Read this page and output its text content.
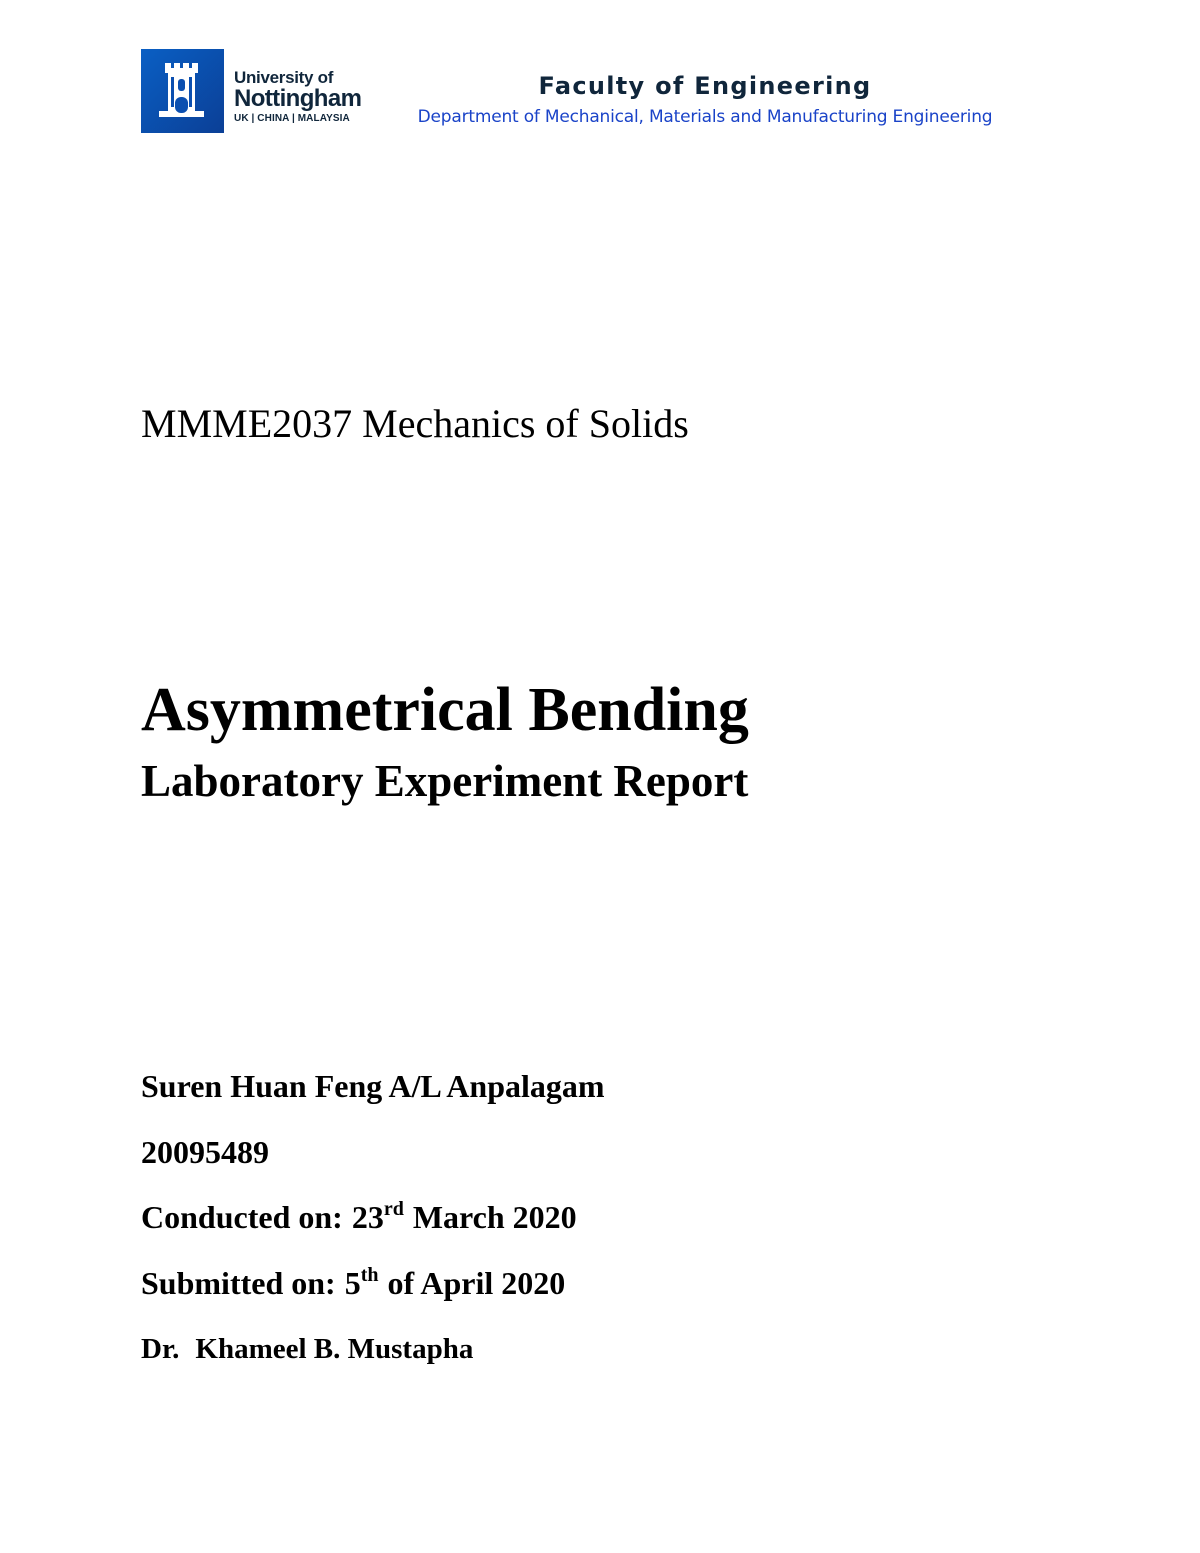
University of
Nottingham
UK | CHINA | MALAYSIA
Faculty of Engineering
Department of Mechanical, Materials and Manufacturing Engineering
MMME2037 Mechanics of Solids
Asymmetrical Bending
Laboratory Experiment Report
Suren Huan Feng A/L Anpalagam
20095489
Conducted on: 23rd March 2020
Submitted on: 5th of April 2020
Dr. Khameel B. Mustapha
